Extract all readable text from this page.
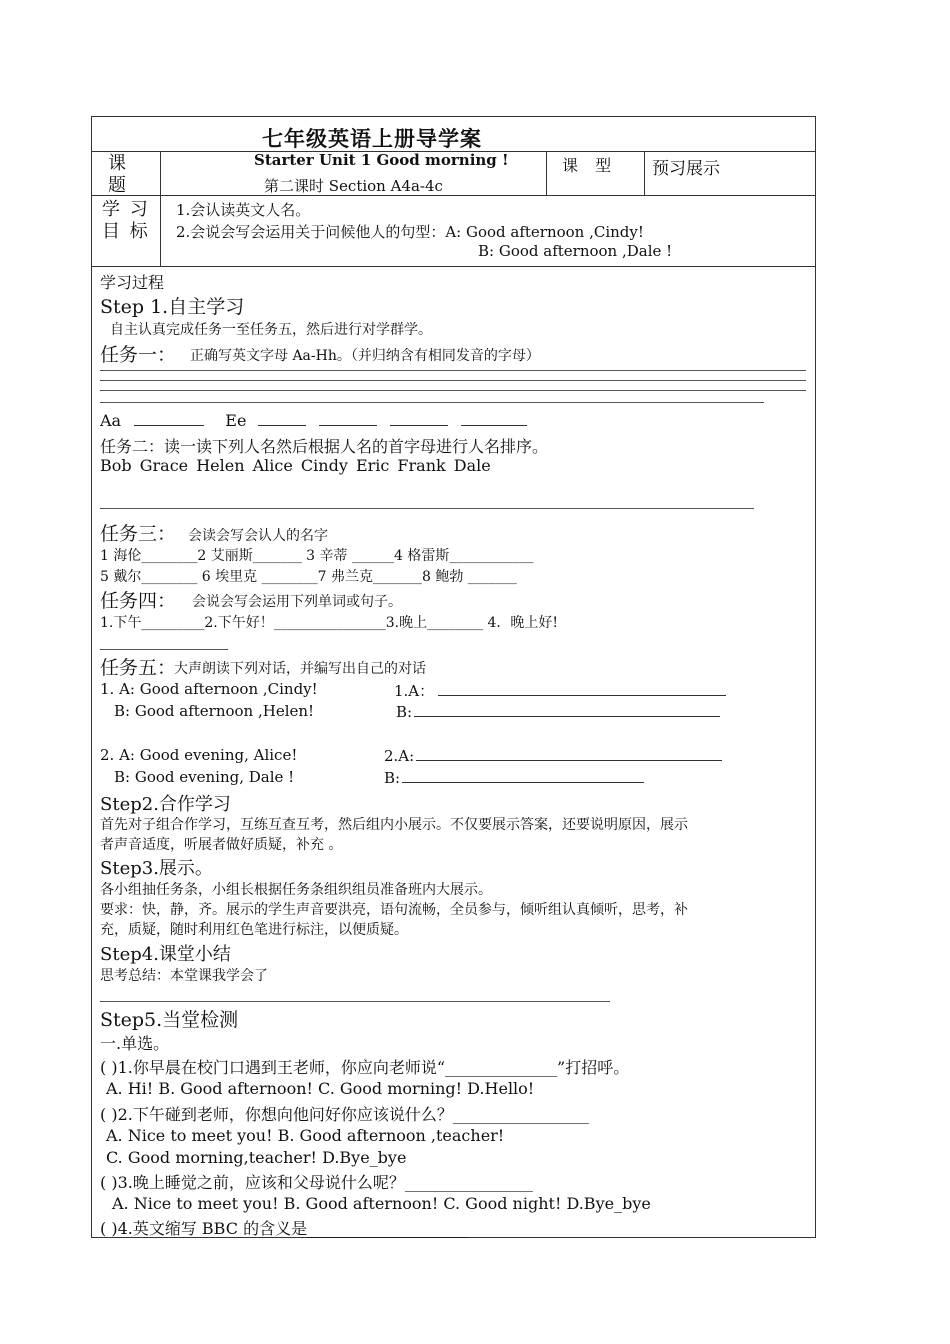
七年级英语上册导学案
课 题
Starter Unit 1 Good morning !
第二课时 Section A4a-4c
课 型 预习展示
学 习 目 标
1.会认读英文人名。
2.会说会写会运用关于问候他人的句型：A: Good afternoon ,Cindy!
B: Good afternoon ,Dale !
学习过程
Step 1.自主学习
自主认真完成任务一至任务五，然后进行对学群学。
任务一： 正确写英文字母 Aa-Hh。（并归纳含有相同发音的字母）
Aa	Ee
任务二：读一读下列人名然后根据人名的首字母进行人名排序。
Bob Grace Helen Alice Cindy Eric Frank Dale
任务三： 会读会写会认人的名字
1 海伦________2 艾丽斯_______ 3 辛蒂 ______4 格雷斯____________
5 戴尔________ 6 埃里克 ________7 弗兰克_______8 鲍勃 _______
任务四： 会说会写会运用下列单词或句子。
1.下午_________2.下午好！________________3.晚上________ 4．晚上好!
任务五：
大声朗读下列对话，并编写出自己的对话
1. A: Good afternoon ,Cindy!
B: Good afternoon ,Helen!
1.A：
B:
2. A: Good evening, Alice!
B: Good evening, Dale !
2.A:
B:
Step2.合作学习
首先对子组合作学习，互练互查互考，然后组内小展示。不仅要展示答案，还要说明原因，展示
者声音适度，听展者做好质疑，补充 。
Step3.展示。
各小组抽任务条，小组长根据任务条组织组员准备班内大展示。
要求：快，静，齐。展示的学生声音要洪亮，语句流畅，全员参与，倾听组认真倾听，思考，补
充，质疑，随时利用红色笔进行标注，以便质疑。
Step4.课堂小结
思考总结：本堂课我学会了
Step5.当堂检测
一.单选。
( )1.你早晨在校门口遇到王老师，你应向老师说“______________”打招呼。
A. Hi! B. Good afternoon! C. Good morning! D.Hello!
( )2.下午碰到老师，你想向他问好你应该说什么？_________________
A. Nice to meet you! B. Good afternoon ,teacher!
C. Good morning,teacher! D.Bye_bye
( )3.晚上睡觉之前，应该和父母说什么呢？________________
A. Nice to meet you! B. Good afternoon! C. Good night! D.Bye_bye
( )4.英文缩写 BBC 的含义是____________________
